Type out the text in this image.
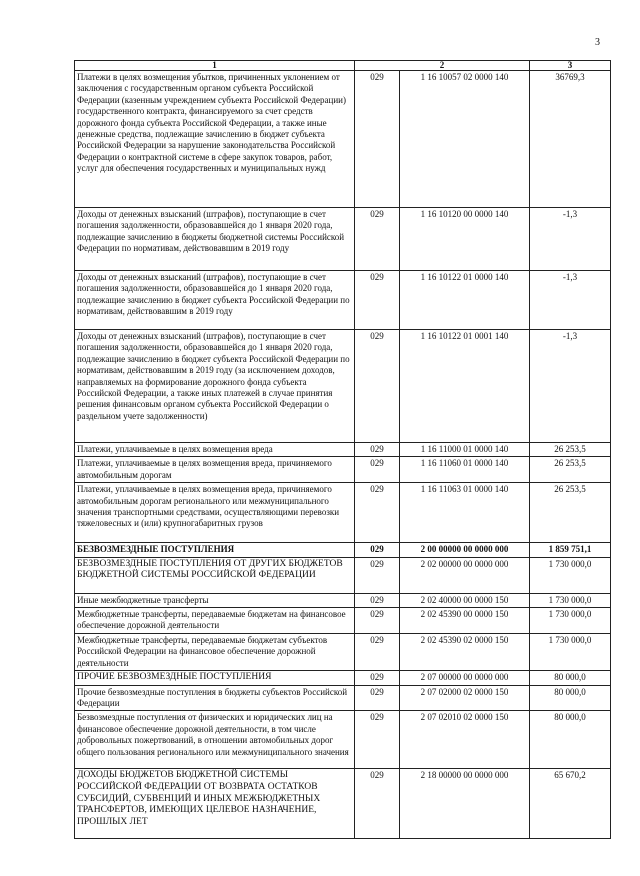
3
1	2		3
Платежи в целях возмещения убытков, причиненных уклонением от заключения с государственным органом субъекта Российской Федерации (казенным учреждением субъекта Российской Федерации) государственного контракта, финансируемого за счет средств дорожного фонда субъекта Российской Федерации, а также иные денежные средства, подлежащие зачислению в бюджет субъекта Российской Федерации за нарушение законодательства Российской Федерации о контрактной системе в сфере закупок товаров, работ, услуг для обеспечения государственных и муниципальных нужд	029	1 16 10057 02 0000 140	36769,3
Доходы от денежных взысканий (штрафов), поступающие в счет погашения задолженности, образовавшейся до 1 января 2020 года, подлежащие зачислению в бюджеты бюджетной системы Российской Федерации по нормативам, действовавшим в 2019 году	029	1 16 10120 00 0000 140	-1,3
Доходы от денежных взысканий (штрафов), поступающие в счет погашения задолженности, образовавшейся до 1 января 2020 года, подлежащие зачислению в бюджет субъекта Российской Федерации по нормативам, действовавшим в 2019 году	029	1 16 10122 01 0000 140	-1,3
Доходы от денежных взысканий (штрафов), поступающие в счет погашения задолженности, образовавшейся до 1 января 2020 года, подлежащие зачислению в бюджет субъекта Российской Федерации по нормативам, действовавшим в 2019 году (за исключением доходов, направляемых на формирование дорожного фонда субъекта Российской Федерации, а также иных платежей в случае принятия решения финансовым органом субъекта Российской Федерации о раздельном учете задолженности)	029	1 16 10122 01 0001 140	-1,3
Платежи, уплачиваемые в целях возмещения вреда	029	1 16 11000 01 0000 140	26 253,5
Платежи, уплачиваемые в целях возмещения вреда, причиняемого автомобильным дорогам	029	1 16 11060 01 0000 140	26 253,5
Платежи, уплачиваемые в целях возмещения вреда, причиняемого автомобильным дорогам регионального или межмуниципального значения транспортными средствами, осуществляющими перевозки тяжеловесных и (или) крупногабаритных грузов	029	1 16 11063 01 0000 140	26 253,5
БЕЗВОЗМЕЗДНЫЕ ПОСТУПЛЕНИЯ	029	2 00 00000 00 0000 000	1 859 751,1
БЕЗВОЗМЕЗДНЫЕ ПОСТУПЛЕНИЯ ОТ ДРУГИХ БЮДЖЕТОВ БЮДЖЕТНОЙ СИСТЕМЫ РОССИЙСКОЙ ФЕДЕРАЦИИ	029	2 02 00000 00 0000 000	1 730 000,0
Иные межбюджетные трансферты	029	2 02 40000 00 0000 150	1 730 000,0
Межбюджетные трансферты, передаваемые бюджетам на финансовое обеспечение дорожной деятельности	029	2 02 45390 00 0000 150	1 730 000,0
Межбюджетные трансферты, передаваемые бюджетам субъектов Российской Федерации на финансовое обеспечение дорожной деятельности	029	2 02 45390 02 0000 150	1 730 000,0
ПРОЧИЕ БЕЗВОЗМЕЗДНЫЕ ПОСТУПЛЕНИЯ	029	2 07 00000 00 0000 000	80 000,0
Прочие безвозмездные поступления в бюджеты субъектов Российской Федерации	029	2 07 02000 02 0000 150	80 000,0
Безвозмездные поступления от физических и юридических лиц на финансовое обеспечение дорожной деятельности, в том числе добровольных пожертвований, в отношении автомобильных дорог общего пользования регионального или межмуниципального значения	029	2 07 02010 02 0000 150	80 000,0
ДОХОДЫ БЮДЖЕТОВ БЮДЖЕТНОЙ СИСТЕМЫ РОССИЙСКОЙ ФЕДЕРАЦИИ ОТ ВОЗВРАТА ОСТАТКОВ СУБСИДИЙ, СУБВЕНЦИЙ И ИНЫХ МЕЖБЮДЖЕТНЫХ ТРАНСФЕРТОВ, ИМЕЮЩИХ ЦЕЛЕВОЕ НАЗНАЧЕНИЕ, ПРОШЛЫХ ЛЕТ	029	2 18 00000 00 0000 000	65 670,2
